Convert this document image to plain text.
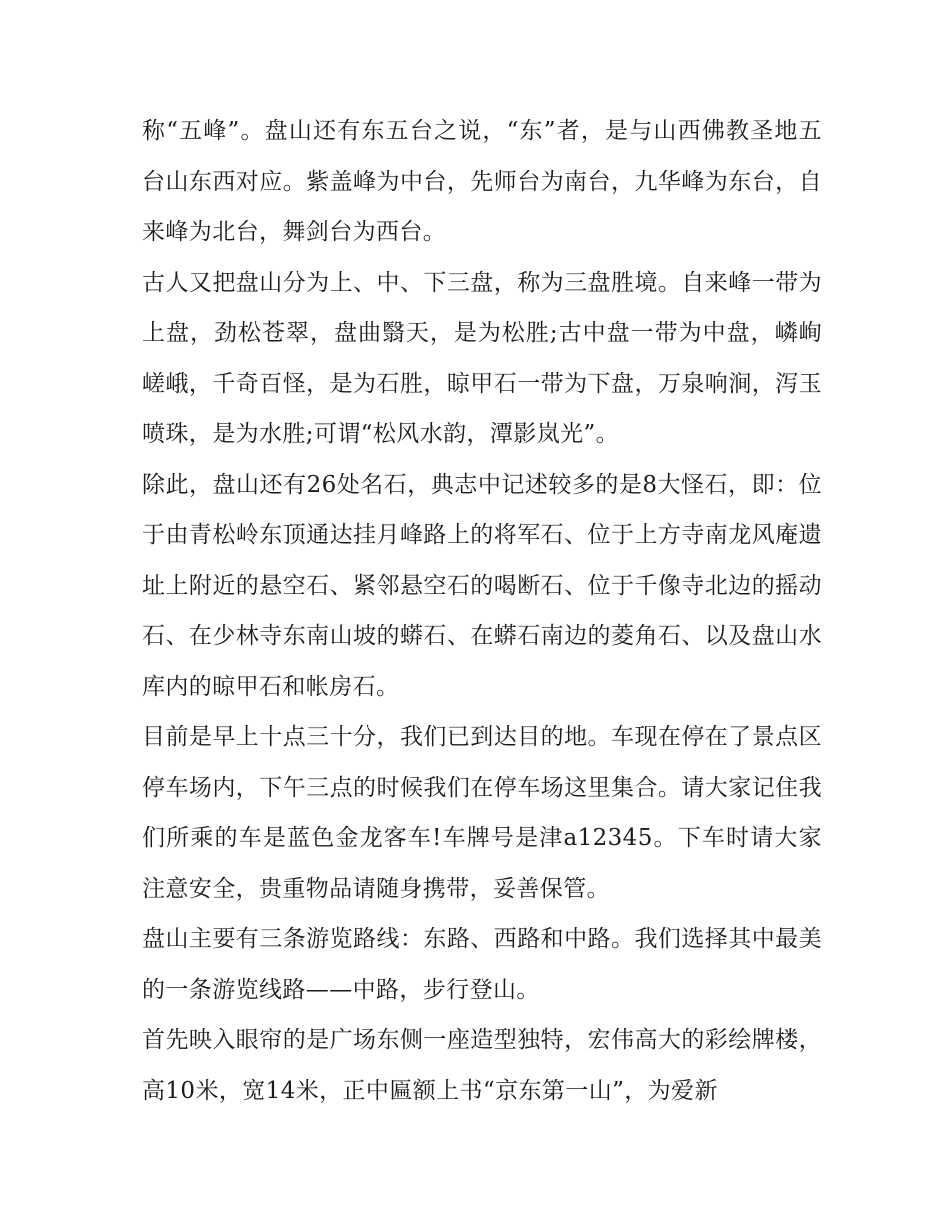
称“五峰”。盘山还有东五台之说，“东”者，是与山西佛教圣地五台山东西对应。紫盖峰为中台，先师台为南台，九华峰为东台，自来峰为北台，舞剑台为西台。

古人又把盘山分为上、中、下三盘，称为三盘胜境。自来峰一带为上盘，劲松苍翠，盘曲翳天，是为松胜;古中盘一带为中盘，嶙峋嵯峨，千奇百怪，是为石胜，晾甲石一带为下盘，万泉响涧，泻玉喷珠，是为水胜;可谓“松风水韵，潭影岚光”。

除此，盘山还有26处名石，典志中记述较多的是8大怪石，即：位于由青松岭东顶通达挂月峰路上的将军石、位于上方寺南龙风庵遗址上附近的悬空石、紧邻悬空石的喝断石、位于千像寺北边的摇动石、在少林寺东南山坡的蟒石、在蟒石南边的菱角石、以及盘山水库内的晾甲石和帐房石。

目前是早上十点三十分，我们已到达目的地。车现在停在了景点区停车场内，下午三点的时候我们在停车场这里集合。请大家记住我们所乘的车是蓝色金龙客车!车牌号是津a12345。下车时请大家注意安全，贵重物品请随身携带，妥善保管。

盘山主要有三条游览路线：东路、西路和中路。我们选择其中最美的一条游览线路——中路，步行登山。

首先映入眼帘的是广场东侧一座造型独特，宏伟高大的彩绘牌楼，高10米，宽14米，正中匾额上书“京东第一山”，为爱新
